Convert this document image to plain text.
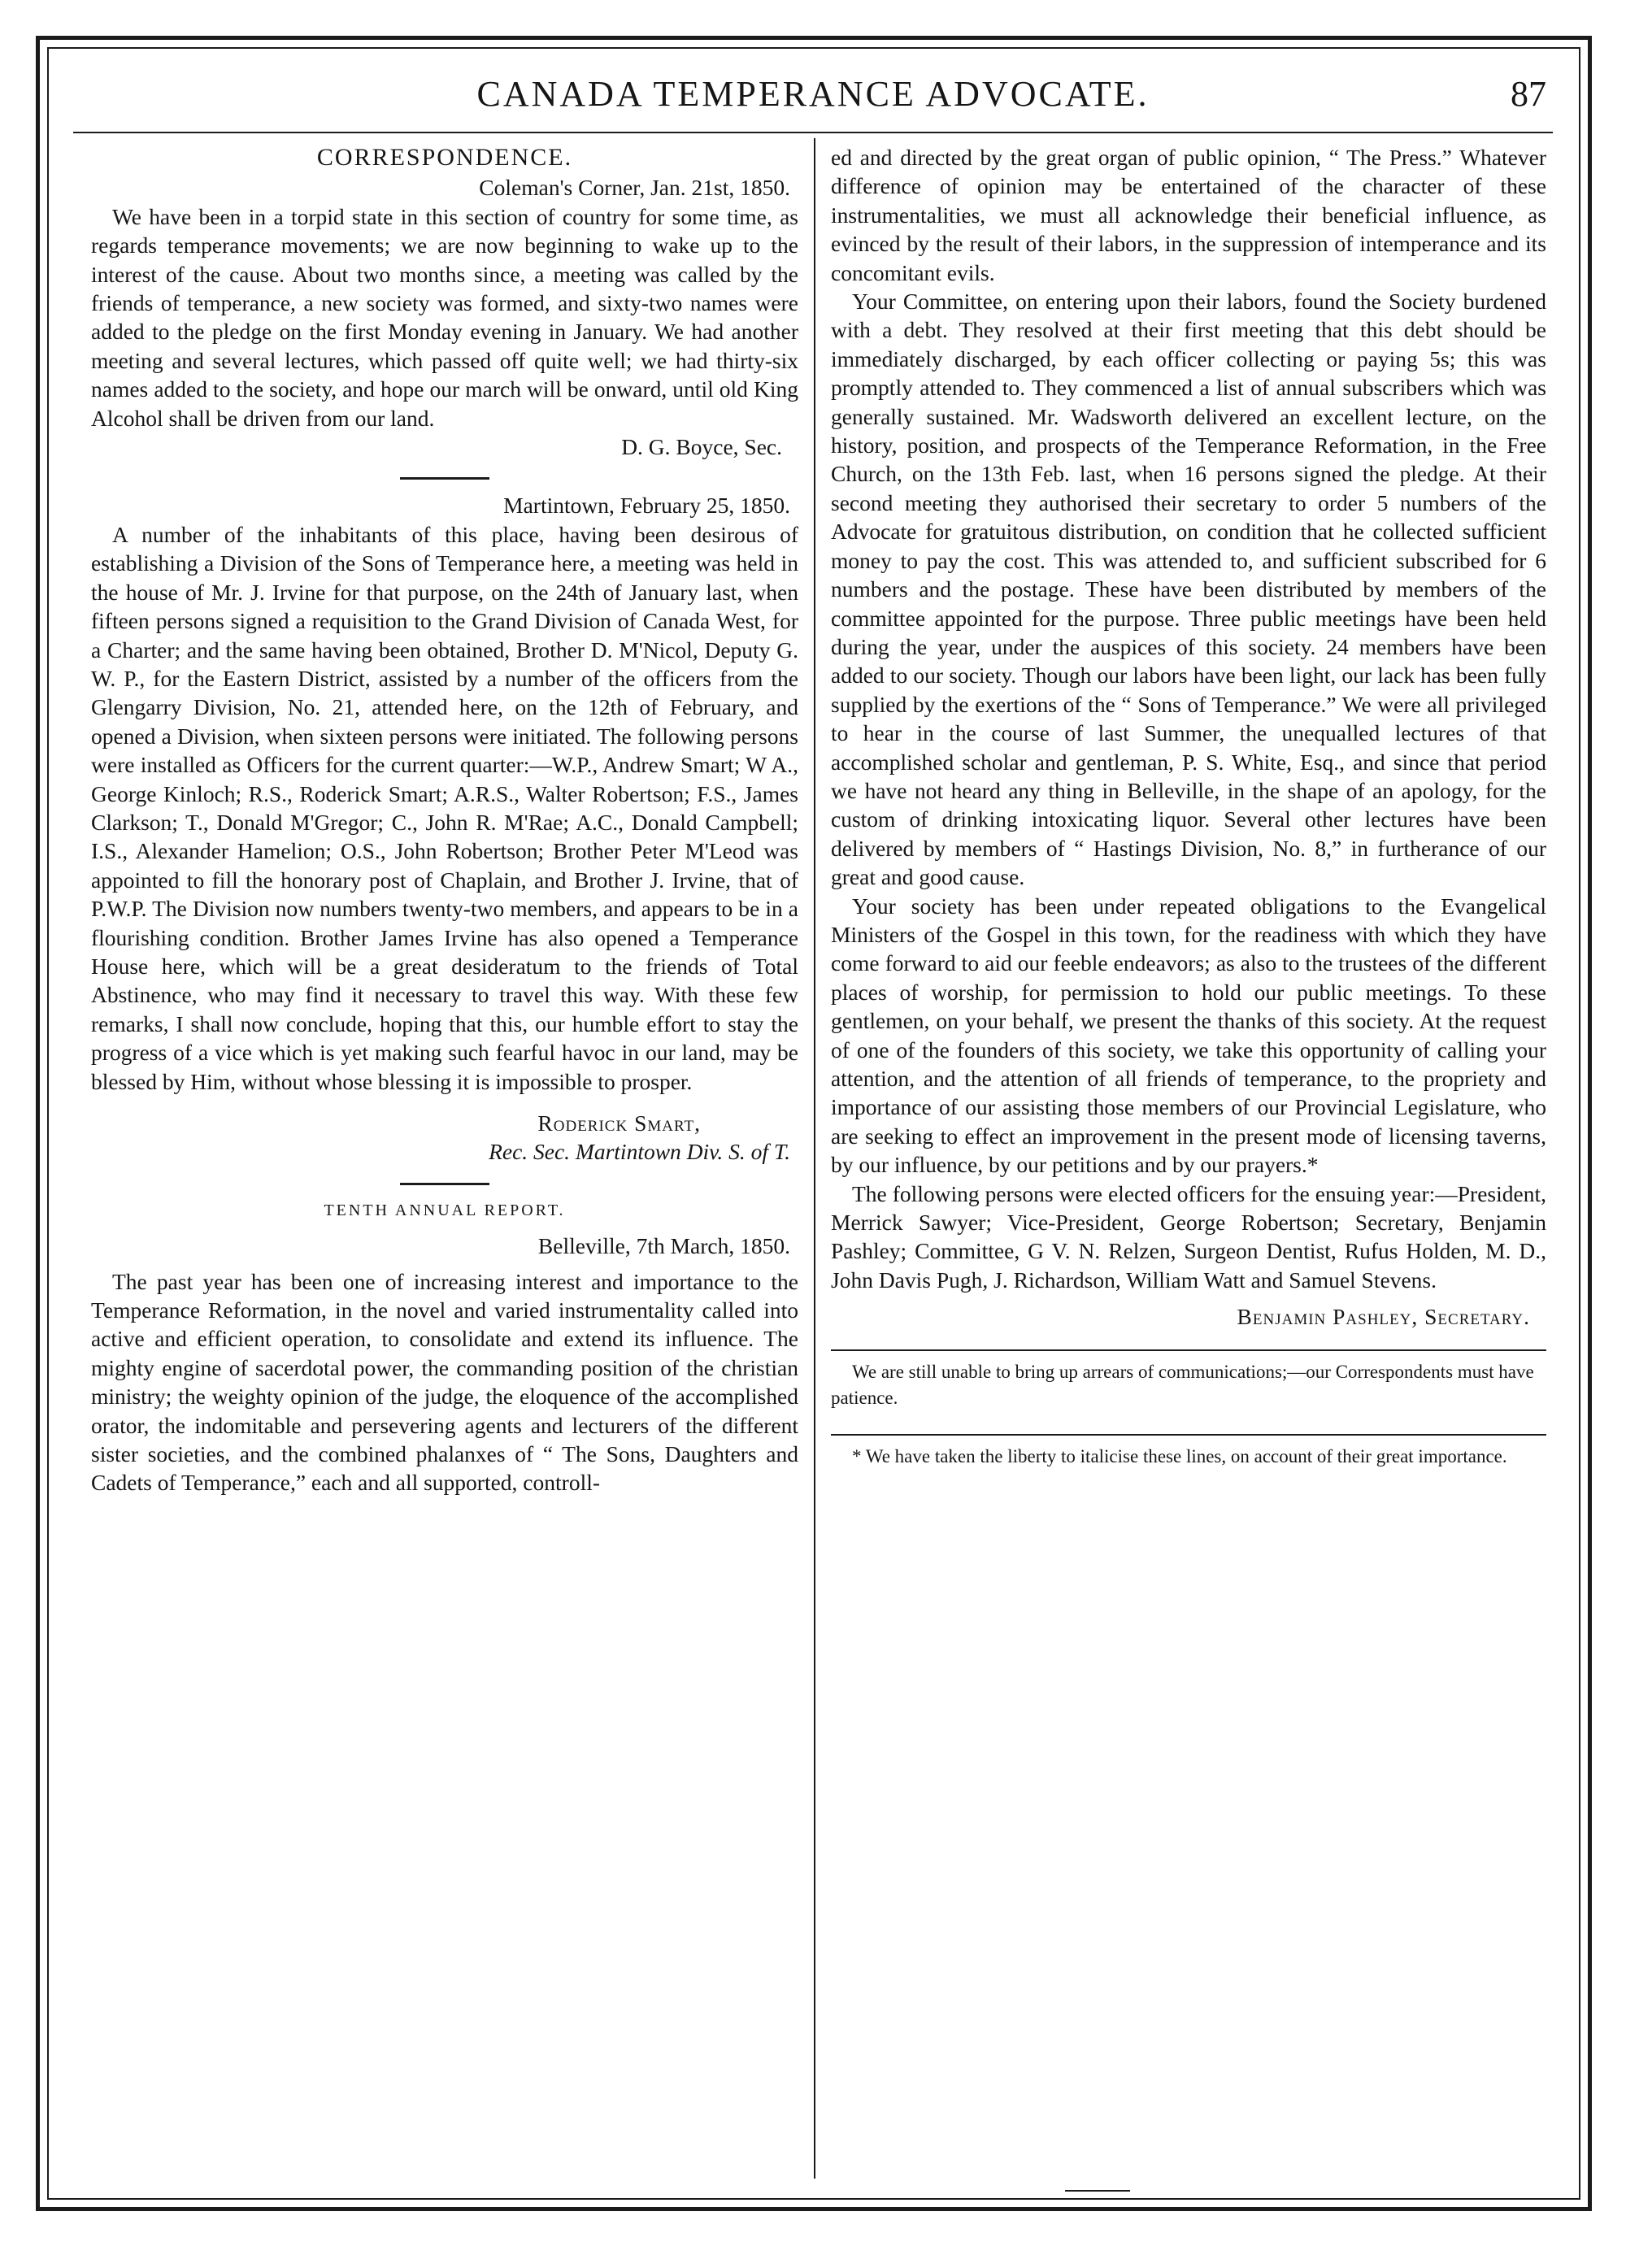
CANADA TEMPERANCE ADVOCATE.	87
CORRESPONDENCE.

Coleman's Corner, Jan. 21st, 1850.

We have been in a torpid state in this section of country for some time, as regards temperance movements; we are now beginning to wake up to the interest of the cause. About two months since, a meeting was called by the friends of temperance, a new society was formed, and sixty-two names were added to the pledge on the first Monday evening in January. We had another meeting and several lectures, which passed off quite well; we had thirty-six names added to the society, and hope our march will be onward, until old King Alcohol shall be driven from our land.

D. G. Boyce, Sec.

Martintown, February 25, 1850.

A number of the inhabitants of this place, having been desirous of establishing a Division of the Sons of Temperance here, a meeting was held in the house of Mr. J. Irvine for that purpose, on the 24th of January last, when fifteen persons signed a requisition to the Grand Division of Canada West, for a Charter; and the same having been obtained, Brother D. M'Nicol, Deputy G. W. P., for the Eastern District, assisted by a number of the officers from the Glengarry Division, No. 21, attended here, on the 12th of February, and opened a Division, when sixteen persons were initiated. The following persons were installed as Officers for the current quarter:—W.P., Andrew Smart; W A., George Kinloch; R.S., Roderick Smart; A.R.S., Walter Robertson; F.S., James Clarkson; T., Donald M'Gregor; C., John R. M'Rae; A.C., Donald Campbell; I.S., Alexander Hamelion; O.S., John Robertson; Brother Peter M'Leod was appointed to fill the honorary post of Chaplain, and Brother J. Irvine, that of P.W.P. The Division now numbers twenty-two members, and appears to be in a flourishing condition. Brother James Irvine has also opened a Temperance House here, which will be a great desideratum to the friends of Total Abstinence, who may find it necessary to travel this way. With these few remarks, I shall now conclude, hoping that this, our humble effort to stay the progress of a vice which is yet making such fearful havoc in our land, may be blessed by Him, without whose blessing it is impossible to prosper.

Roderick Smart,

Rec. Sec. Martintown Div. S. of T.

TENTH ANNUAL REPORT.

Belleville, 7th March, 1850.

The past year has been one of increasing interest and importance to the Temperance Reformation, in the novel and varied instrumentality called into active and efficient operation, to consolidate and extend its influence. The mighty engine of sacerdotal power, the commanding position of the christian ministry; the weighty opinion of the judge, the eloquence of the accomplished orator, the indomitable and persevering agents and lecturers of the different sister societies, and the combined phalanxes of “ The Sons, Daughters and Cadets of Temperance,” each and all supported, controll-

ed and directed by the great organ of public opinion, “ The Press.” Whatever difference of opinion may be entertained of the character of these instrumentalities, we must all acknowledge their beneficial influence, as evinced by the result of their labors, in the suppression of intemperance and its concomitant evils.

Your Committee, on entering upon their labors, found the Society burdened with a debt. They resolved at their first meeting that this debt should be immediately discharged, by each officer collecting or paying 5s; this was promptly attended to. They commenced a list of annual subscribers which was generally sustained. Mr. Wadsworth delivered an excellent lecture, on the history, position, and prospects of the Temperance Reformation, in the Free Church, on the 13th Feb. last, when 16 persons signed the pledge. At their second meeting they authorised their secretary to order 5 numbers of the Advocate for gratuitous distribution, on condition that he collected sufficient money to pay the cost. This was attended to, and sufficient subscribed for 6 numbers and the postage. These have been distributed by members of the committee appointed for the purpose. Three public meetings have been held during the year, under the auspices of this society. 24 members have been added to our society. Though our labors have been light, our lack has been fully supplied by the exertions of the “ Sons of Temperance.” We were all privileged to hear in the course of last Summer, the unequalled lectures of that accomplished scholar and gentleman, P. S. White, Esq., and since that period we have not heard any thing in Belleville, in the shape of an apology, for the custom of drinking intoxicating liquor. Several other lectures have been delivered by members of “ Hastings Division, No. 8,” in furtherance of our great and good cause.

Your society has been under repeated obligations to the Evangelical Ministers of the Gospel in this town, for the readiness with which they have come forward to aid our feeble endeavors; as also to the trustees of the different places of worship, for permission to hold our public meetings. To these gentlemen, on your behalf, we present the thanks of this society. At the request of one of the founders of this society, we take this opportunity of calling your attention, and the attention of all friends of temperance, to the propriety and importance of our assisting those members of our Provincial Legislature, who are seeking to effect an improvement in the present mode of licensing taverns, by our influence, by our petitions and by our prayers.*

The following persons were elected officers for the ensuing year:—President, Merrick Sawyer; Vice-President, George Robertson; Secretary, Benjamin Pashley; Committee, G V. N. Relzen, Surgeon Dentist, Rufus Holden, M. D., John Davis Pugh, J. Richardson, William Watt and Samuel Stevens.

Benjamin Pashley, Secretary.

We are still unable to bring up arrears of communications;—our Correspondents must have patience.

* We have taken the liberty to italicise these lines, on account of their great importance.
